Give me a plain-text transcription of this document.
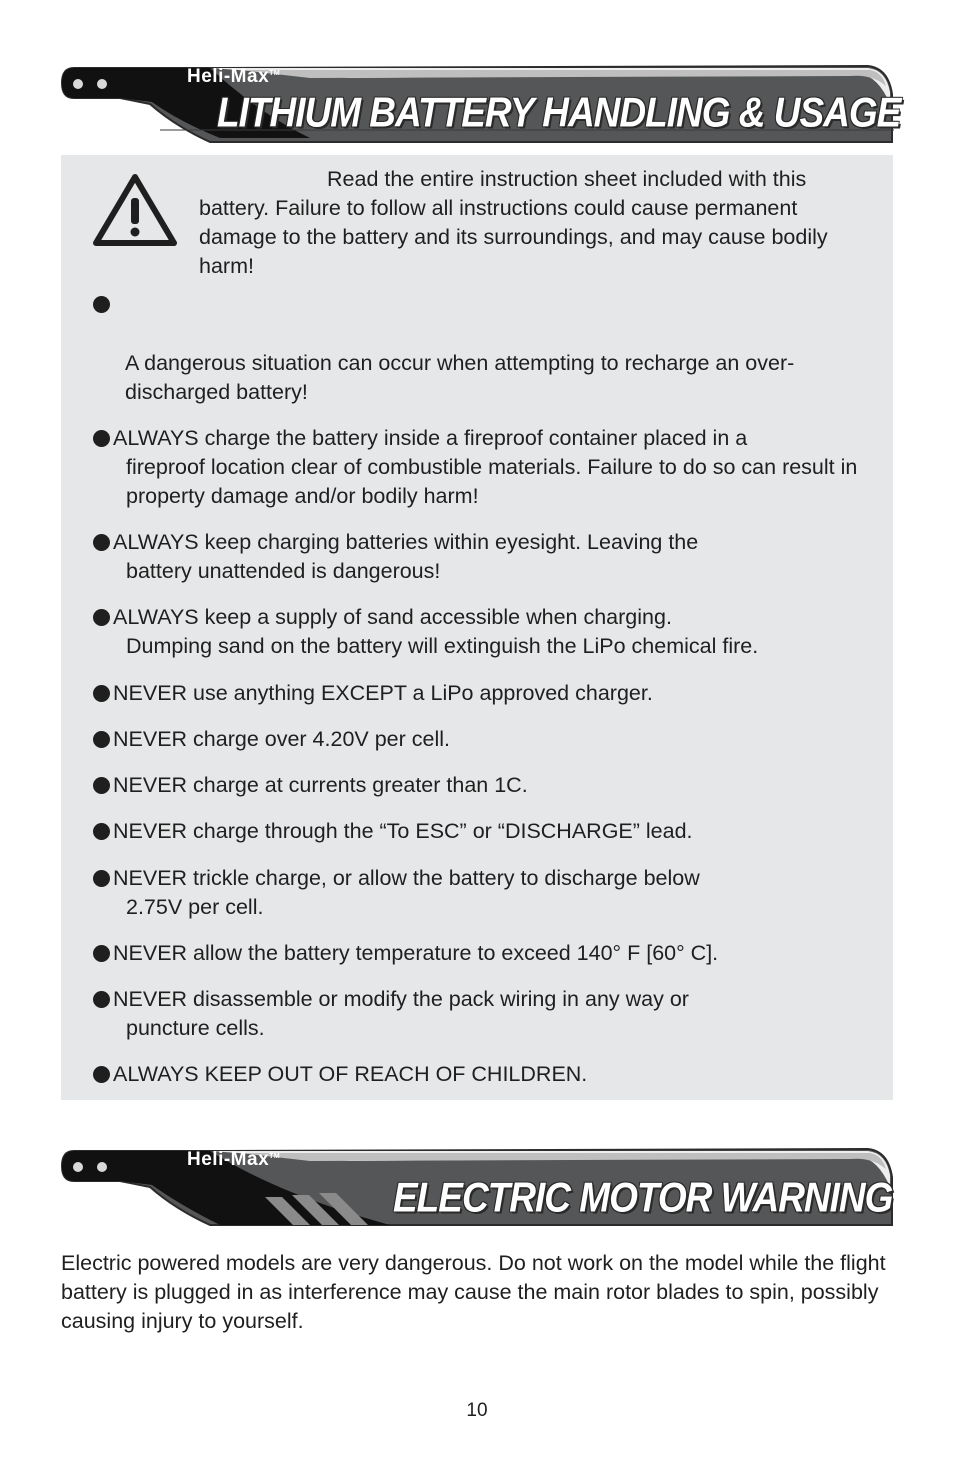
Heli-Max™
LITHIUM BATTERY HANDLING & USAGE
Read the entire instruction sheet included with this battery. Failure to follow all instructions could cause permanent damage to the battery and its surroundings, and may cause bodily harm!
A dangerous situation can occur when attempting to recharge an over-discharged battery!
ALWAYS charge the battery inside a fireproof container placed in a
fireproof location clear of combustible materials. Failure to do so can result in property damage and/or bodily harm!
ALWAYS keep charging batteries within eyesight. Leaving the
battery unattended is dangerous!
ALWAYS keep a supply of sand accessible when charging.
Dumping sand on the battery will extinguish the LiPo chemical fire.
NEVER use anything EXCEPT a LiPo approved charger.
NEVER charge over 4.20V per cell.
NEVER charge at currents greater than 1C.
NEVER charge through the “To ESC” or “DISCHARGE” lead.
NEVER trickle charge, or allow the battery to discharge below
2.75V per cell.
NEVER allow the battery temperature to exceed 140° F [60° C].
NEVER disassemble or modify the pack wiring in any way or
puncture cells.
ALWAYS KEEP OUT OF REACH OF CHILDREN.
Heli-Max™
ELECTRIC MOTOR WARNING
Electric powered models are very dangerous. Do not work on the model while the flight battery is plugged in as interference may cause the main rotor blades to spin, possibly causing injury to yourself.
10
